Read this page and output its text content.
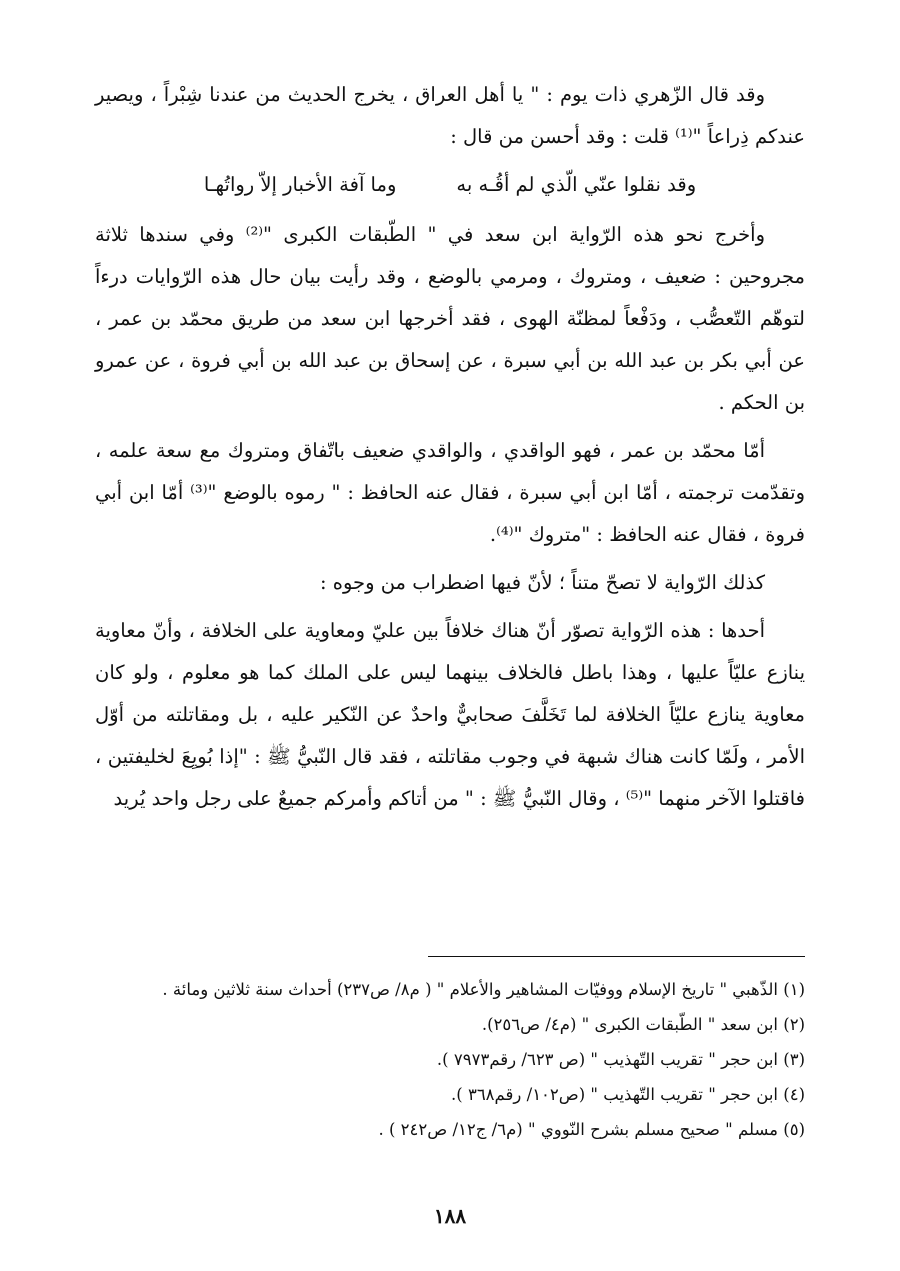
وقد قال الزّهري ذات يوم : " يا أهل العراق ، يخرج الحديث من عندنا شِبْراً ، ويصير عندكم ذِراعاً "⁽¹⁾ قلت : وقد أحسن من قال :

وقد نقلوا عنّي الّذي لم أقُـه به
وما آفة الأخبار إلاّ رواتُهـا

وأخرج نحو هذه الرّواية ابن سعد في " الطّبقات الكبرى "⁽²⁾ وفي سندها ثلاثة مجروحين : ضعيف ، ومتروك ، ومرمي بالوضع ، وقد رأيت بيان حال هذه الرّوايات درءاً لتوهّم التّعصُّب ، ودَفْعاً لمظنّة الهوى ، فقد أخرجها ابن سعد من طريق محمّد بن عمر ، عن أبي بكر بن عبد الله بن أبي سبرة ، عن إسحاق بن عبد الله بن أبي فروة ، عن عمرو بن الحكم .

أمّا محمّد بن عمر ، فهو الواقدي ، والواقدي ضعيف باتّفاق ومتروك مع سعة علمه ، وتقدّمت ترجمته ، أمّا ابن أبي سبرة ، فقال عنه الحافظ : " رموه بالوضع "⁽³⁾ أمّا ابن أبي فروة ، فقال عنه الحافظ : "متروك "⁽⁴⁾.

كذلك الرّواية لا تصحّ متناً ؛ لأنّ فيها اضطراب من وجوه :

أحدها : هذه الرّواية تصوّر أنّ هناك خلافاً بين عليّ ومعاوية على الخلافة ، وأنّ معاوية ينازع عليّاً عليها ، وهذا باطل فالخلاف بينهما ليس على الملك كما هو معلوم ، ولو كان معاوية ينازع عليّاً الخلافة لما تَخَلَّفَ صحابيٌّ واحدٌ عن النّكير عليه ، بل ومقاتلته من أوّل الأمر ، ولَمّا كانت هناك شبهة في وجوب مقاتلته ، فقد قال النّبيُّ ﷺ : "إذا بُويِعَ لخليفتين ، فاقتلوا الآخر منهما "⁽⁵⁾ ، وقال النّبيُّ ﷺ : " من أتاكم وأمركم جميعٌ على رجل واحد يُريد

(١) الذّهبي " تاريخ الإسلام ووفيّات المشاهير والأعلام " ( م٨/ ص٢٣٧) أحداث سنة ثلاثين ومائة .

(٢) ابن سعد " الطّبقات الكبرى " (م٤/ ص٢٥٦).

(٣) ابن حجر " تقريب التّهذيب " (ص ٦٢٣/ رقم٧٩٧٣ ).

(٤) ابن حجر " تقريب التّهذيب " (ص١٠٢/ رقم٣٦٨ ).

(٥) مسلم " صحيح مسلم بشرح النّووي " (م٦/ ج١٢/ ص٢٤٢ ) .

١٨٨
